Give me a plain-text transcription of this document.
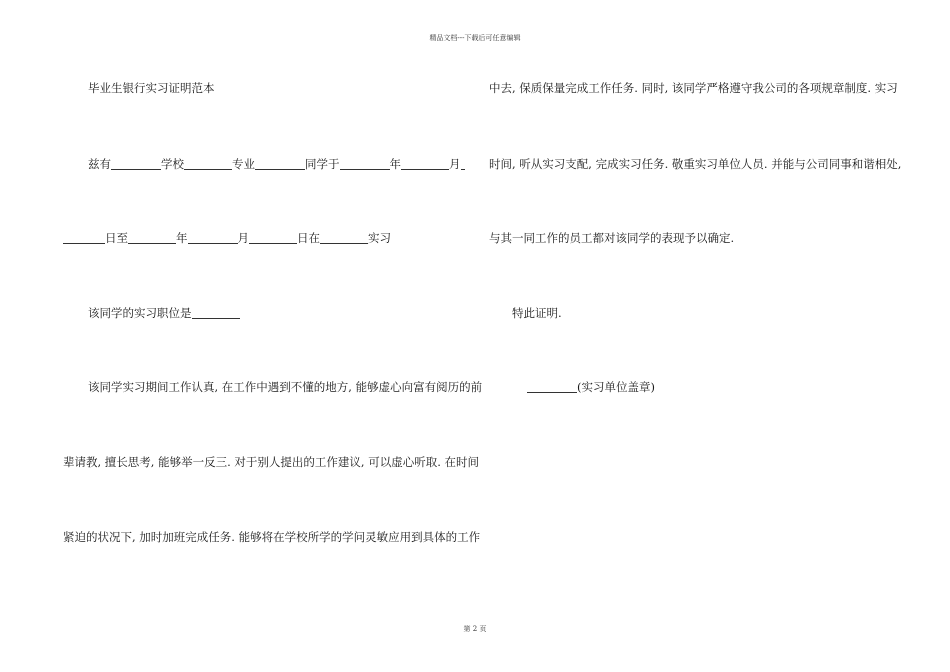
精品文档---下载后可任意编辑
毕业生银行实习证明范本
兹有	学校	专业	同学于	年	月
日至	年	月	日在	实习
该同学的实习职位是
该同学实习期间工作认真, 在工作中遇到不懂的地方, 能够虚心向富有阅历的前
辈请教, 擅长思考, 能够举一反三. 对于别人提出的工作建议, 可以虚心听取. 在时间
紧迫的状况下, 加时加班完成任务. 能够将在学校所学的学问灵敏应用到具体的工作
中去, 保质保量完成工作任务. 同时, 该同学严格遵守我公司的各项规章制度. 实习
时间, 听从实习支配, 完成实习任务. 敬重实习单位人员. 并能与公司同事和谐相处,
与其一同工作的员工都对该同学的表现予以确定.
特此证明.
(实习单位盖章)
第 2 页
